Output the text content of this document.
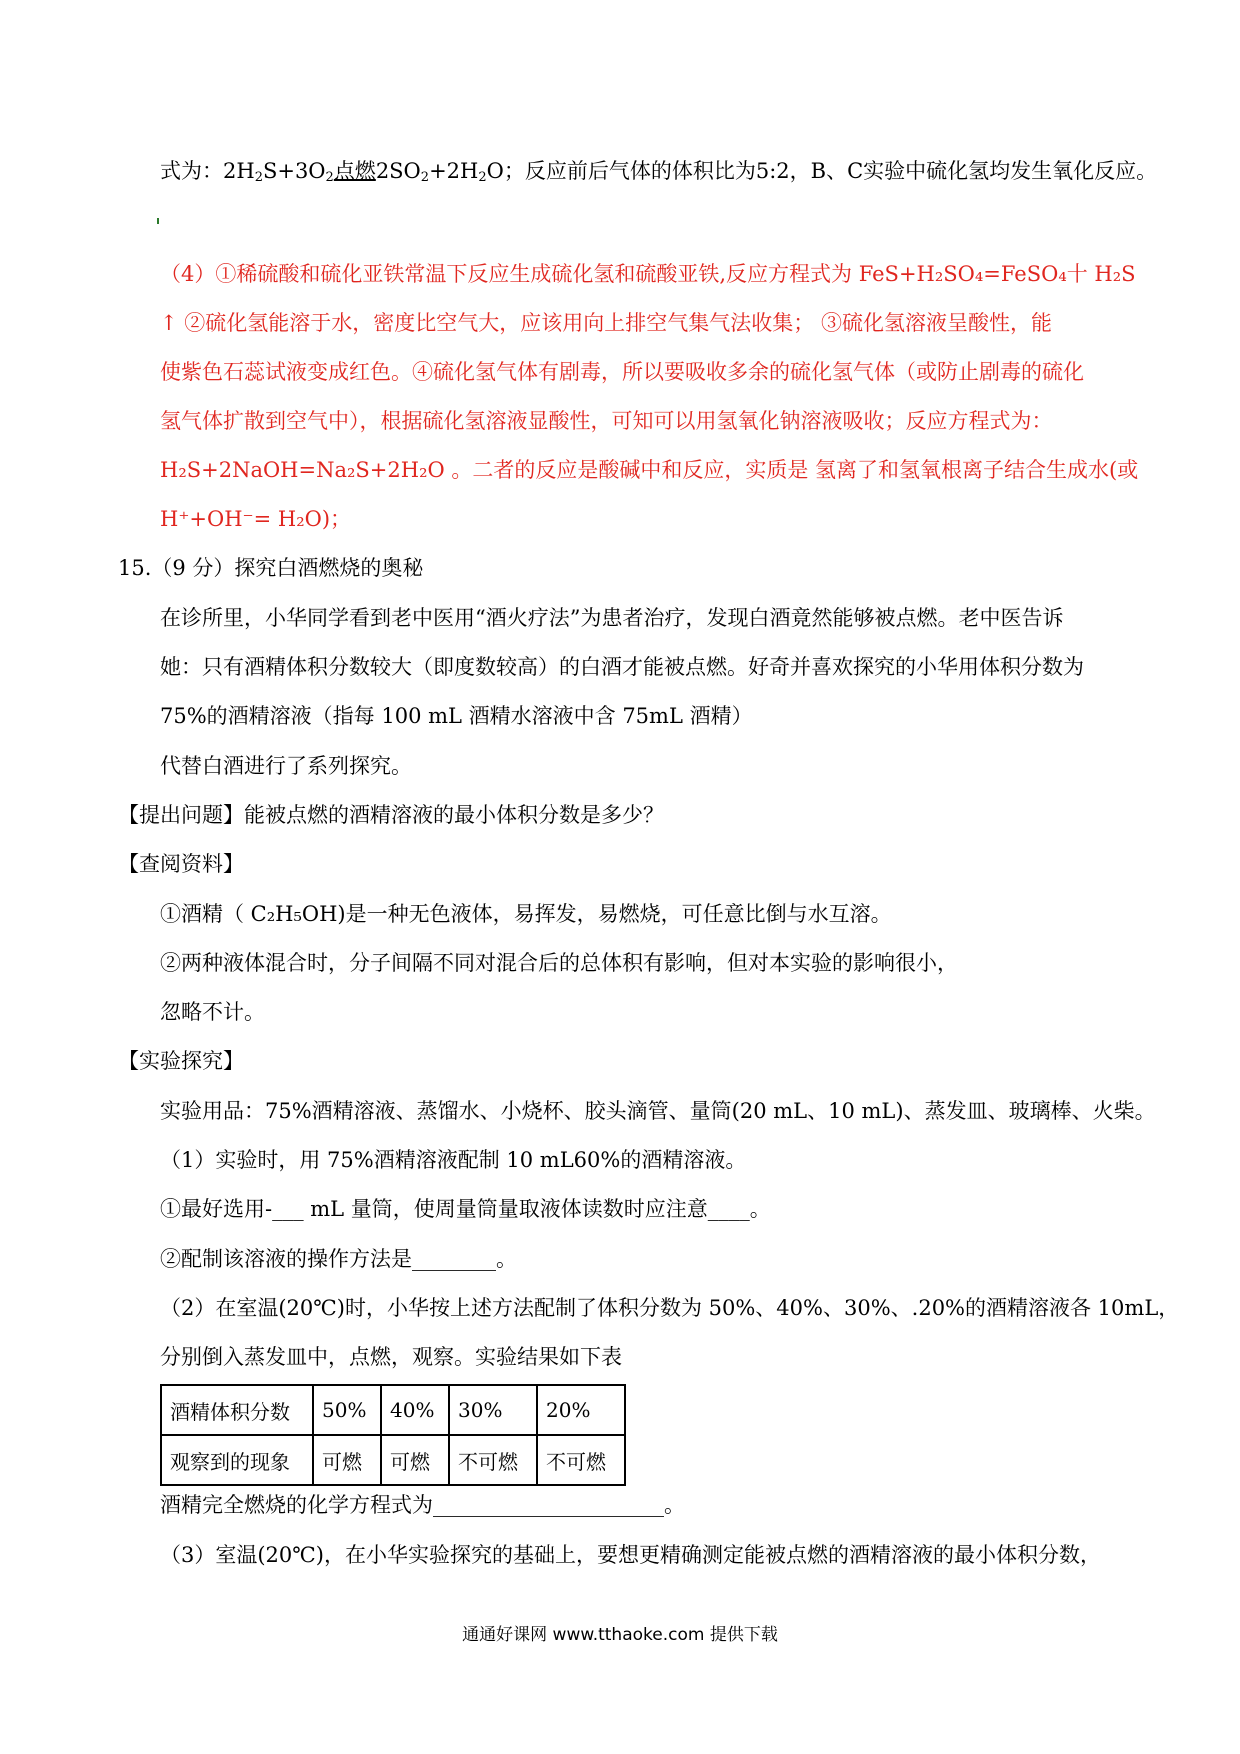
式为：$2H_2S+3O_2$点燃$2SO_2+2H_2O$；反应前后气体的体积比为5:2，B、C实验中硫化氢均发生氧化反应。
（4）①稀硫酸和硫化亚铁常温下反应生成硫化氢和硫酸亚铁,反应方程式为 FeS+H₂SO₄=FeSO₄十 H₂S
↑ ②硫化氢能溶于水，密度比空气大，应该用向上排空气集气法收集； ③硫化氢溶液呈酸性，能
使紫色石蕊试液变成红色。④硫化氢气体有剧毒，所以要吸收多余的硫化氢气体（或防止剧毒的硫化
氢气体扩散到空气中），根据硫化氢溶液显酸性，可知可以用氢氧化钠溶液吸收；反应方程式为：
H₂S+2NaOH=Na₂S+2H₂O 。二者的反应是酸碱中和反应，实质是 氢离了和氢氧根离子结合生成水(或
H⁺+OH⁻= H₂O)；
15.（9 分）探究白酒燃烧的奥秘
在诊所里，小华同学看到老中医用“酒火疗法”为患者治疗，发现白酒竟然能够被点燃。老中医告诉
她：只有酒精体积分数较大（即度数较高）的白酒才能被点燃。好奇并喜欢探究的小华用体积分数为
75%的酒精溶液（指每 100 mL 酒精水溶液中含 75mL 酒精）
代替白酒进行了系列探究。
【提出问题】能被点燃的酒精溶液的最小体积分数是多少？
【查阅资料】
①酒精（ C₂H₅OH)是一种无色液体，易挥发，易燃烧，可任意比倒与水互溶。
②两种液体混合时，分子间隔不同对混合后的总体积有影响，但对本实验的影响很小，
忽略不计。
【实验探究】
实验用品：75%酒精溶液、蒸馏水、小烧杯、胶头滴管、量筒(20 mL、10 mL)、蒸发皿、玻璃棒、火柴。
（1）实验时，用 75%酒精溶液配制 10 mL60%的酒精溶液。
①最好选用-___ mL 量筒，使周量筒量取液体读数时应注意____。
②配制该溶液的操作方法是________。
（2）在室温(20℃)时，小华按上述方法配制了体积分数为 50%、40%、30%、.20%的酒精溶液各 10mL，
分别倒入蒸发皿中，点燃，观察。实验结果如下表
酒精体积分数	50%	40%	30%	20%
观察到的现象	可燃	可燃	不可燃	不可燃
酒精完全燃烧的化学方程式为______________________。
（3）室温(20℃)，在小华实验探究的基础上，要想更精确测定能被点燃的酒精溶液的最小体积分数，
通通好课网 www.tthaoke.com 提供下载
